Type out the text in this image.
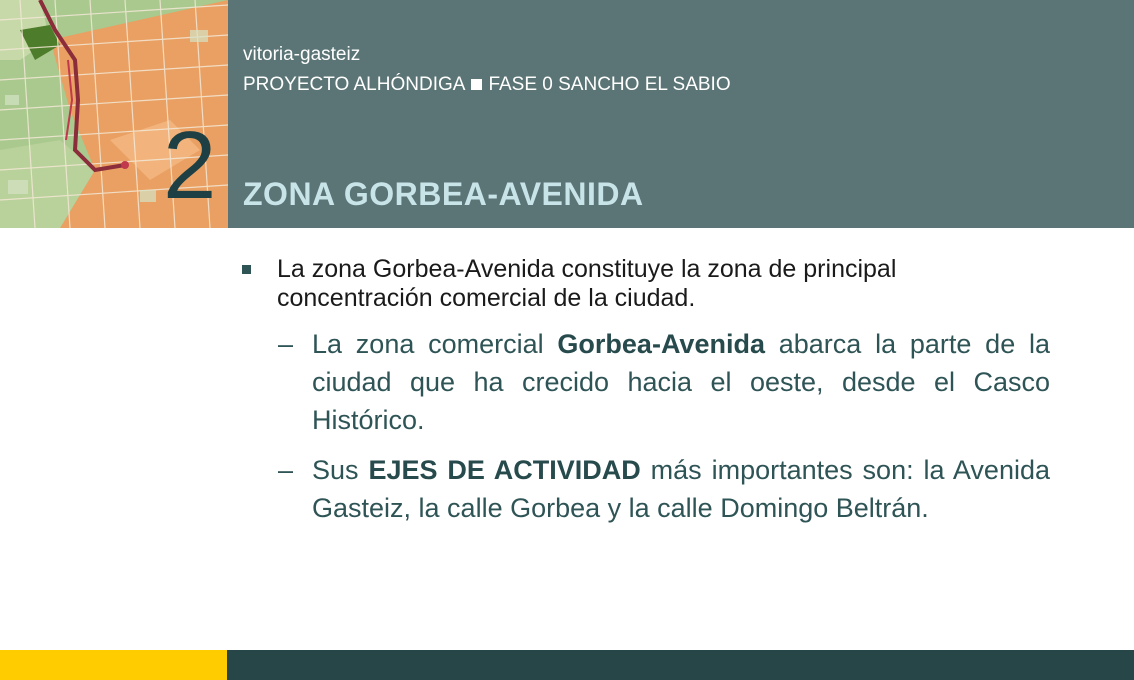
vitoria-gasteiz
PROYECTO ALHÓNDIGA FASE 0 SANCHO EL SABIO
2 ZONA GORBEA-AVENIDA
La zona Gorbea-Avenida constituye la zona de principal concentración comercial de la ciudad.
– La zona comercial Gorbea-Avenida abarca la parte de la ciudad que ha crecido hacia el oeste, desde el Casco Histórico.
– Sus EJES DE ACTIVIDAD más importantes son: la Avenida Gasteiz, la calle Gorbea y la calle Domingo Beltrán.
